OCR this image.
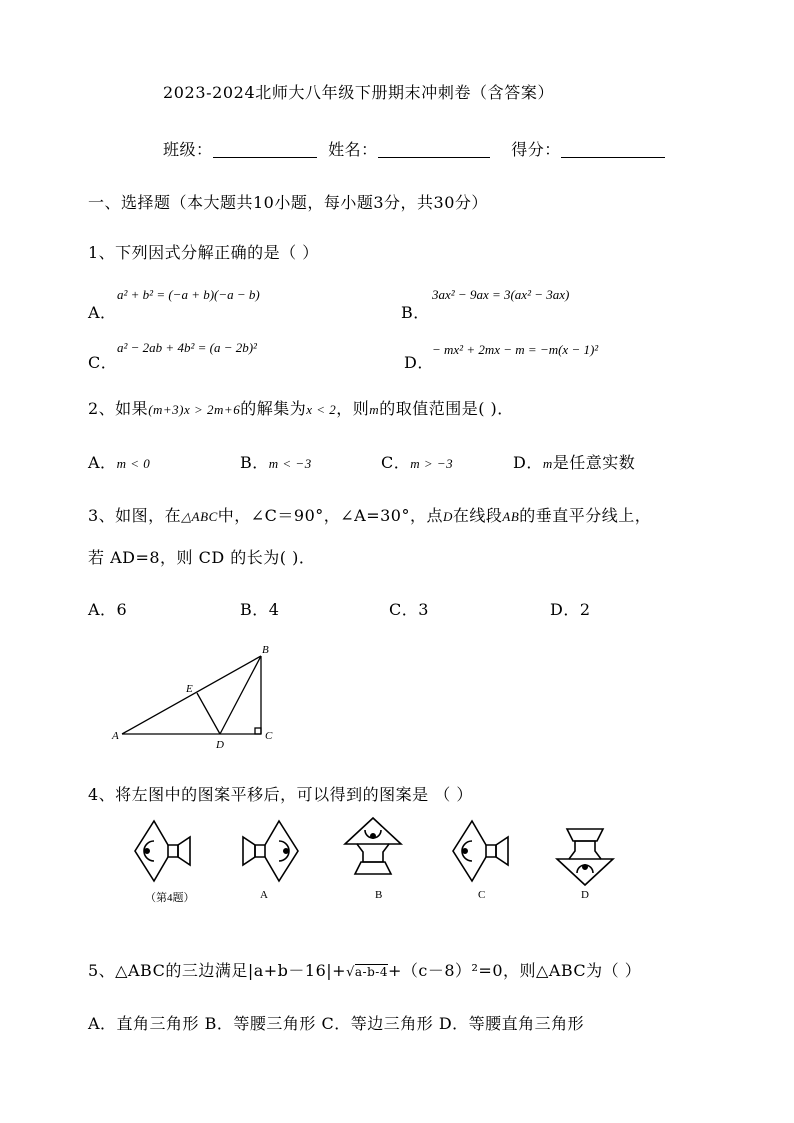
2023-2024北师大八年级下册期末冲刺卷（含答案）
班级：	姓名：	得分：
一、选择题（本大题共10小题，每小题3分，共30分）
1、下列因式分解正确的是（ ）
A．
a² + b² = (−a + b)(−a − b)
B．
3ax² − 9ax = 3(ax² − 3ax)
C．
a² − 2ab + 4b² = (a − 2b)²
D．
− mx² + 2mx − m = −m(x − 1)²
2、如果(m+3)x > 2m+6的解集为x < 2，则m的取值范围是( )．
A．m < 0	B．m < −3	C．m > −3	D．m是任意实数
3、如图，在△ABC中，∠C＝90°，∠A=30°，点D在线段AB的垂直平分线上，
若 AD=8，则 CD 的长为( )．
A．6	B．4	C．3	D．2
A
B
C
D
E
4、将左图中的图案平移后，可以得到的图案是 （ ）
（第4题）	A	B	C	D
5、△ABC的三边满足|a+b－16|+√a-b-4+（c－8）²=0，则△ABC为（ ）
A．直角三角形 B．等腰三角形 C．等边三角形 D．等腰直角三角形
